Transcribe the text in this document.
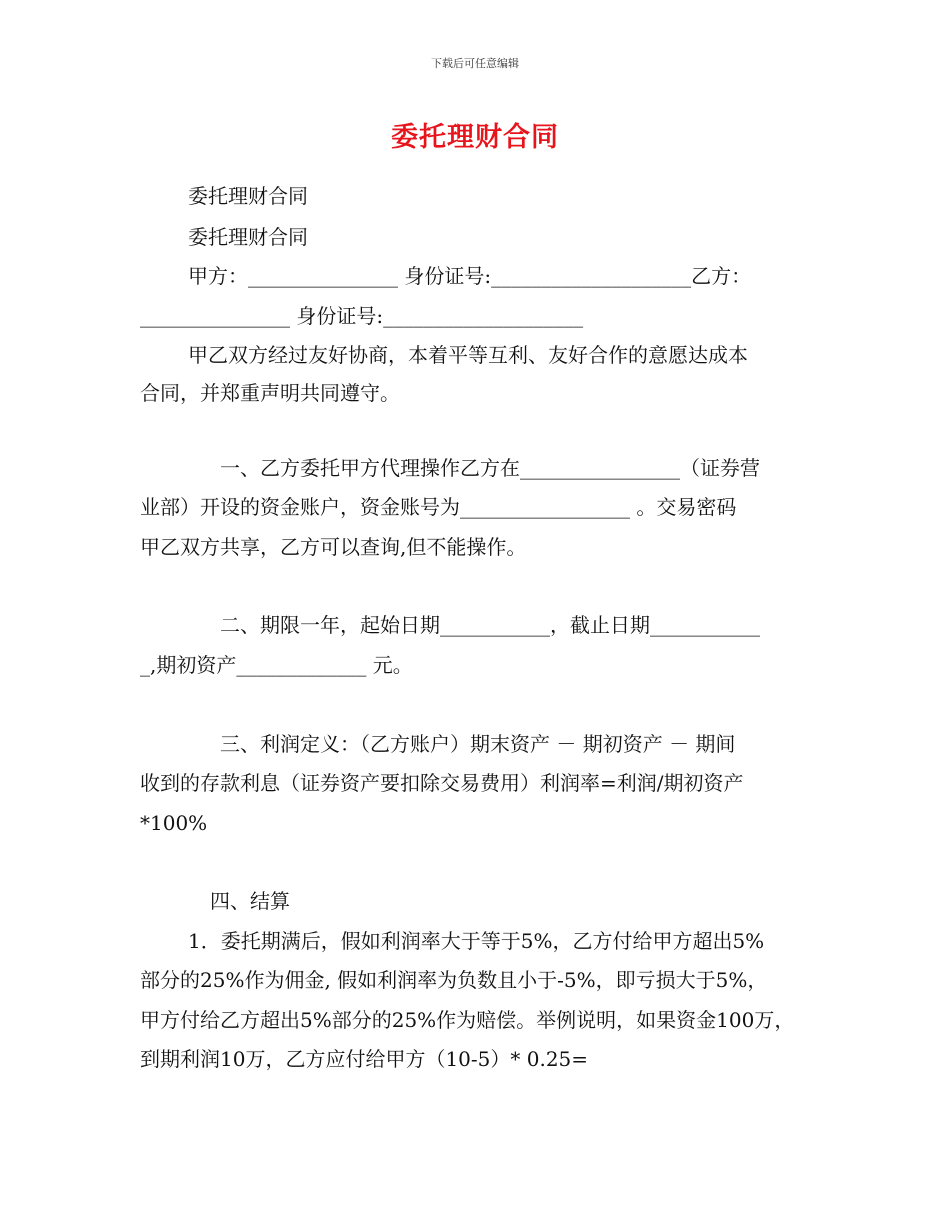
下载后可任意编辑
委托理财合同
委托理财合同
委托理财合同
甲方：_______________ 身份证号:____________________乙方：
_______________ 身份证号:____________________
甲乙双方经过友好协商，本着平等互利、友好合作的意愿达成本
合同，并郑重声明共同遵守。
一、乙方委托甲方代理操作乙方在________________（证券营
业部）开设的资金账户，资金账号为_________________ 。交易密码
甲乙双方共享，乙方可以查询,但不能操作。
二、期限一年，起始日期___________，截止日期___________
_,期初资产_____________ 元。
三、利润定义：（乙方账户）期末资产 － 期初资产 － 期间
收到的存款利息（证券资产要扣除交易费用）利润率=利润/期初资产
*100%
四、结算
1．委托期满后，假如利润率大于等于5%，乙方付给甲方超出5%
部分的25%作为佣金, 假如利润率为负数且小于-5%，即亏损大于5%，
甲方付给乙方超出5%部分的25%作为赔偿。举例说明，如果资金100万，
到期利润10万，乙方应付给甲方（10-5）* 0.25=
